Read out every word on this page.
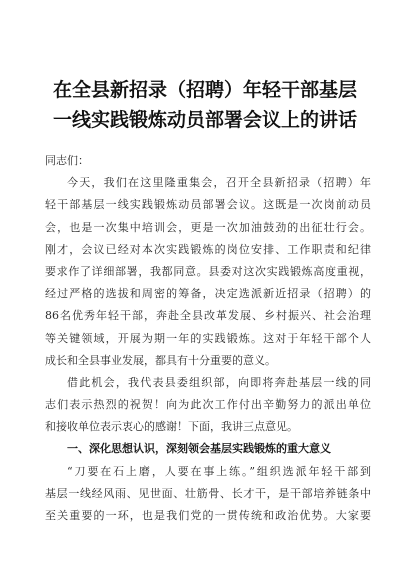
在全县新招录（招聘）年轻干部基层
一线实践锻炼动员部署会议上的讲话
同志们：
今天，我们在这里隆重集会，召开全县新招录（招聘）年
轻干部基层一线实践锻炼动员部署会议。这既是一次岗前动员
会，也是一次集中培训会，更是一次加油鼓劲的出征壮行会。
刚才，会议已经对本次实践锻炼的岗位安排、工作职责和纪律
要求作了详细部署，我都同意。县委对这次实践锻炼高度重视，
经过严格的选拔和周密的筹备，决定选派新近招录（招聘）的
86名优秀年轻干部，奔赴全县改革发展、乡村振兴、社会治理
等关键领域，开展为期一年的实践锻炼。这对于年轻干部个人
成长和全县事业发展，都具有十分重要的意义。
借此机会，我代表县委组织部，向即将奔赴基层一线的同
志们表示热烈的祝贺！向为此次工作付出辛勤努力的派出单位
和接收单位表示衷心的感谢！下面，我讲三点意见。
一、深化思想认识，深刻领会基层实践锻炼的重大意义
“刀要在石上磨，人要在事上练。”组织选派年轻干部到
基层一线经风雨、见世面、壮筋骨、长才干，是干部培养链条中
至关重要的一环，也是我们党的一贯传统和政治优势。大家要
